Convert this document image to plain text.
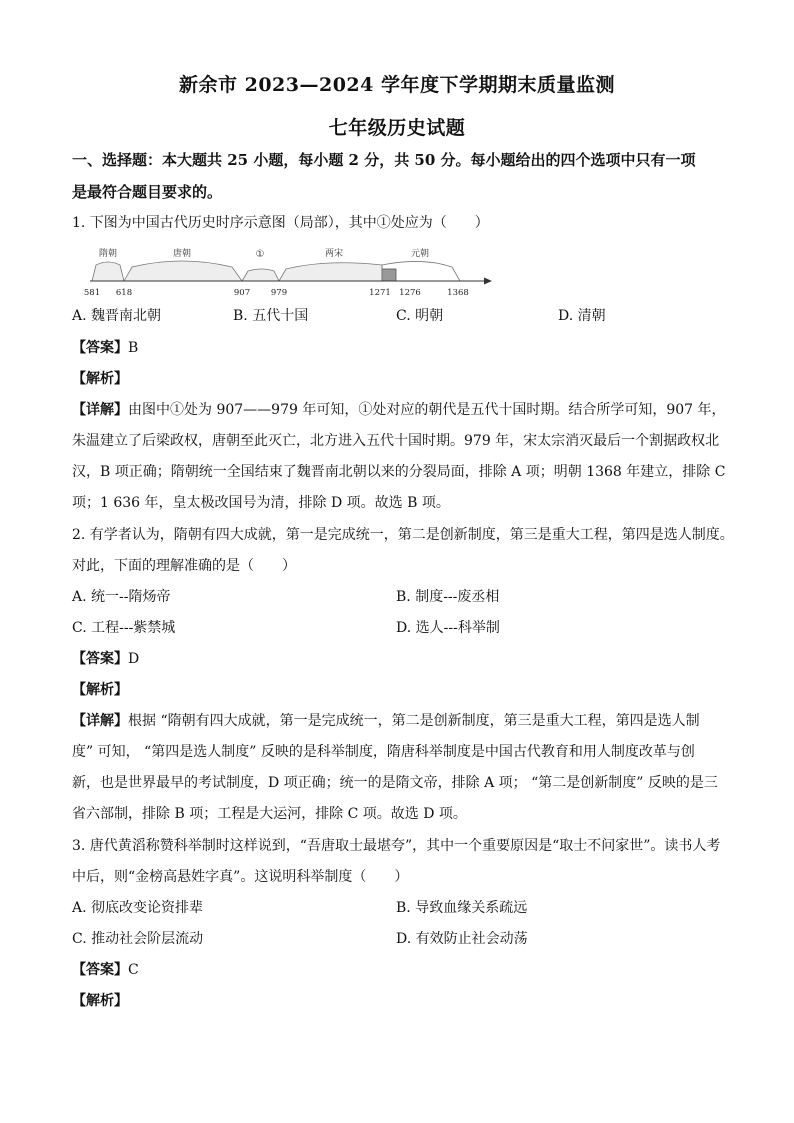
新余市 2023—2024 学年度下学期期末质量监测
七年级历史试题
一、选择题：本大题共 25 小题，每小题 2 分，共 50 分。每小题给出的四个选项中只有一项
是最符合题目要求的。
1. 下图为中国古代历史时序示意图（局部），其中①处应为（　　）
隋朝	唐朝	①	两宋	元朝
581 618	907 979	1271 1276	1368
A. 魏晋南北朝	B. 五代十国	C. 明朝	D. 清朝
【答案】B
【解析】
【详解】由图中①处为 907——979 年可知，①处对应的朝代是五代十国时期。结合所学可知，907 年，
朱温建立了后梁政权，唐朝至此灭亡，北方进入五代十国时期。979 年，宋太宗消灭最后一个割据政权北
汉，B 项正确；隋朝统一全国结束了魏晋南北朝以来的分裂局面，排除 A 项；明朝 1368 年建立，排除 C
项；1 636 年，皇太极改国号为清，排除 D 项。故选 B 项。
2. 有学者认为，隋朝有四大成就，第一是完成统一，第二是创新制度，第三是重大工程，第四是选人制度。
对此，下面的理解准确的是（　　）
A. 统一--隋炀帝	B. 制度---废丞相
C. 工程---紫禁城	D. 选人---科举制
【答案】D
【解析】
【详解】根据 “隋朝有四大成就，第一是完成统一，第二是创新制度，第三是重大工程，第四是选人制
度” 可知， “第四是选人制度” 反映的是科举制度，隋唐科举制度是中国古代教育和用人制度改革与创
新，也是世界最早的考试制度，D 项正确；统一的是隋文帝，排除 A 项； “第二是创新制度” 反映的是三
省六部制，排除 B 项；工程是大运河，排除 C 项。故选 D 项。
3. 唐代黄滔称赞科举制时这样说到，“吾唐取士最堪夸”，其中一个重要原因是“取士不问家世”。读书人考
中后，则“金榜高悬姓字真”。这说明科举制度（　　）
A. 彻底改变论资排辈	B. 导致血缘关系疏远
C. 推动社会阶层流动	D. 有效防止社会动荡
【答案】C
【解析】
